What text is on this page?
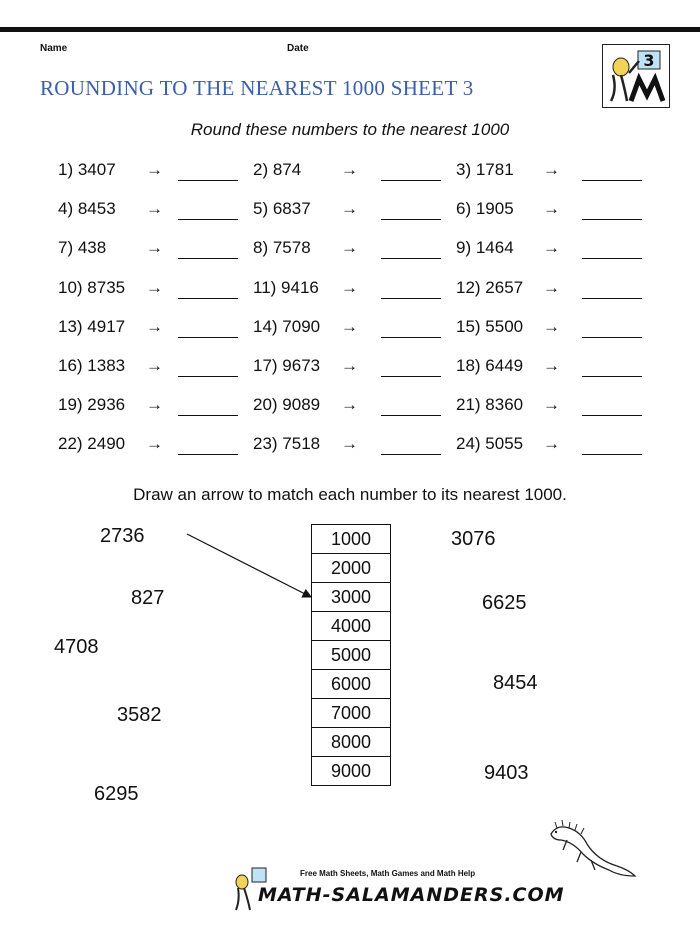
Name	Date
ROUNDING TO THE NEAREST 1000 SHEET 3
3
Round these numbers to the nearest 1000
1) 3407 →	2) 874 →	3) 1781 →
4) 8453 →	5) 6837 →	6) 1905 →
7) 438 →	8) 7578 →	9) 1464 →
10) 8735 →	11) 9416 →	12) 2657 →
13) 4917 →	14) 7090 →	15) 5500 →
16) 1383 →	17) 9673 →	18) 6449 →
19) 2936 →	20) 9089 →	21) 8360 →
22) 2490 →	23) 7518 →	24) 5055 →
Draw an arrow to match each number to its nearest 1000.
2736
827
4708
3582
6295
3076
6625
8454
9403
1000
2000
3000
4000
5000
6000
7000
8000
9000
Free Math Sheets, Math Games and Math Help
MATH-SALAMANDERS.COM
